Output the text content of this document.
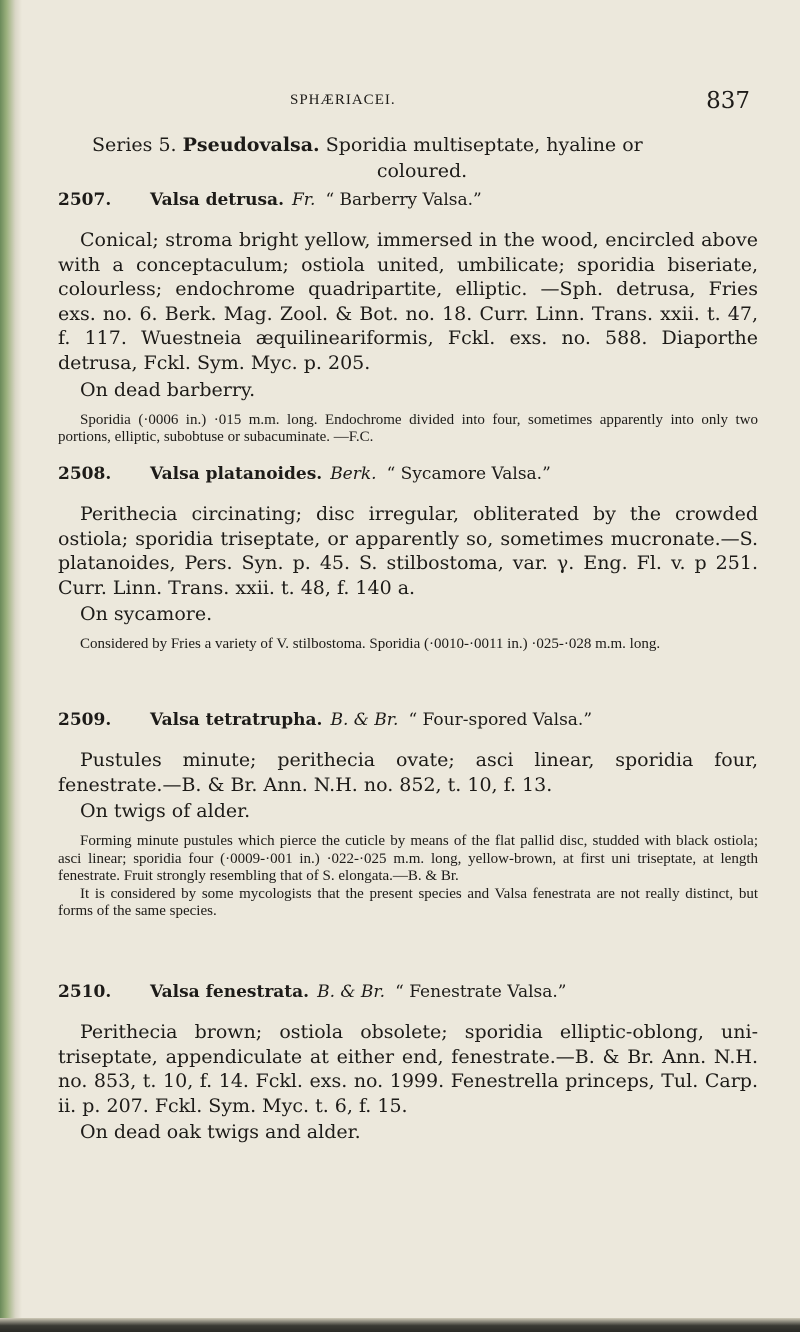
SPHÆRIACEI.	837
Series 5. Pseudovalsa. Sporidia multiseptate, hyaline or
coloured.
2507. Valsa detrusa. Fr. “ Barberry Valsa.”

Conical; stroma bright yellow, immersed in the wood, encircled above with a conceptaculum; ostiola united, umbilicate; sporidia biseriate, colourless; endochrome quadripartite, elliptic. —Sph. detrusa, Fries exs. no. 6. Berk. Mag. Zool. & Bot. no. 18. Curr. Linn. Trans. xxii. t. 47, f. 117. Wuestneia æquilineariformis, Fckl. exs. no. 588. Diaporthe detrusa, Fckl. Sym. Myc. p. 205.

On dead barberry.

Sporidia (·0006 in.) ·015 m.m. long. Endochrome divided into four, sometimes apparently into only two portions, elliptic, subobtuse or subacuminate. —F.C.

2508. Valsa platanoides. Berk. “ Sycamore Valsa.”

Perithecia circinating; disc irregular, obliterated by the crowded ostiola; sporidia triseptate, or apparently so, sometimes mucronate.—S. platanoides, Pers. Syn. p. 45. S. stilbostoma, var. γ. Eng. Fl. v. p 251. Curr. Linn. Trans. xxii. t. 48, f. 140 a.

On sycamore.

Considered by Fries a variety of V. stilbostoma. Sporidia (·0010-·0011 in.) ·025-·028 m.m. long.

2509. Valsa tetratrupha. B. & Br. “ Four-spored Valsa.”

Pustules minute; perithecia ovate; asci linear, sporidia four, fenestrate.—B. & Br. Ann. N.H. no. 852, t. 10, f. 13.

On twigs of alder.

Forming minute pustules which pierce the cuticle by means of the flat pallid disc, studded with black ostiola; asci linear; sporidia four (·0009-·001 in.) ·022-·025 m.m. long, yellow-brown, at first uni triseptate, at length fenestrate. Fruit strongly resembling that of S. elongata.—B. & Br.

It is considered by some mycologists that the present species and Valsa fenestrata are not really distinct, but forms of the same species.

2510. Valsa fenestrata. B. & Br. “ Fenestrate Valsa.”

Perithecia brown; ostiola obsolete; sporidia elliptic-oblong, uni-triseptate, appendiculate at either end, fenestrate.—B. & Br. Ann. N.H. no. 853, t. 10, f. 14. Fckl. exs. no. 1999. Fenestrella princeps, Tul. Carp. ii. p. 207. Fckl. Sym. Myc. t. 6, f. 15.

On dead oak twigs and alder.
